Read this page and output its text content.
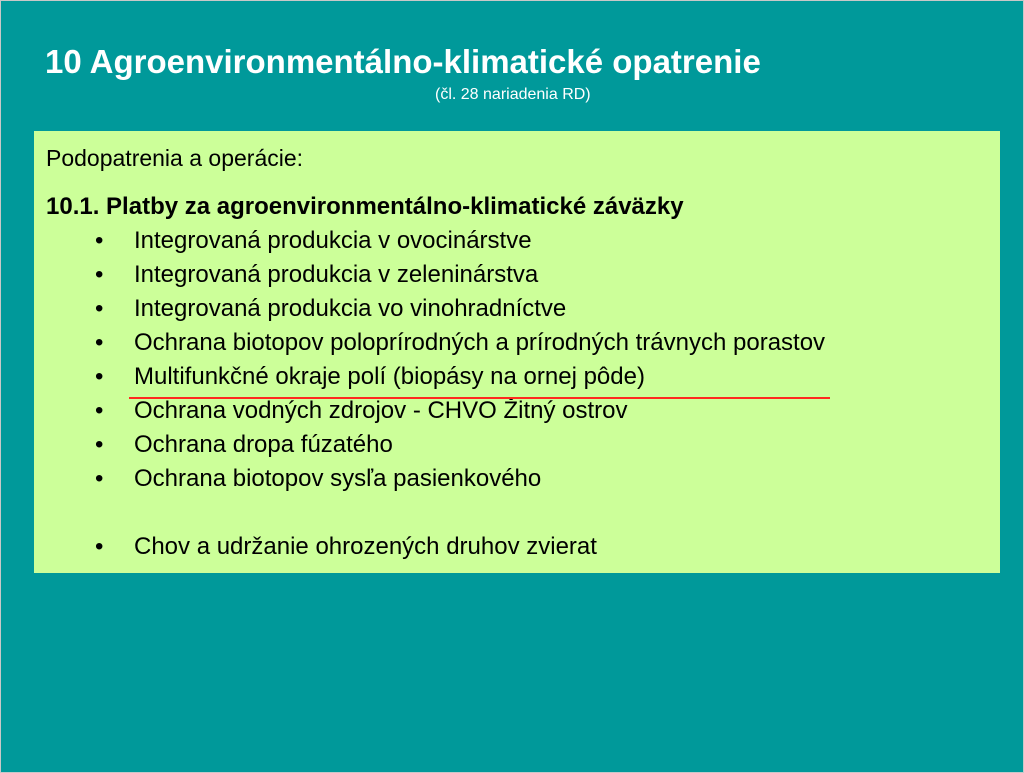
10 Agroenvironmentálno-klimatické opatrenie
(čl. 28 nariadenia RD)
Podopatrenia a operácie:
10.1. Platby za agroenvironmentálno-klimatické záväzky
• Integrovaná produkcia v ovocinárstve
• Integrovaná produkcia v zeleninárstva
• Integrovaná produkcia vo vinohradníctve
• Ochrana biotopov poloprírodných a prírodných trávnych porastov
• Multifunkčné okraje polí (biopásy na ornej pôde)
• Ochrana vodných zdrojov - CHVO Žitný ostrov
• Ochrana dropa fúzatého
• Ochrana biotopov sysľa pasienkového
• Chov a udržanie ohrozených druhov zvierat
